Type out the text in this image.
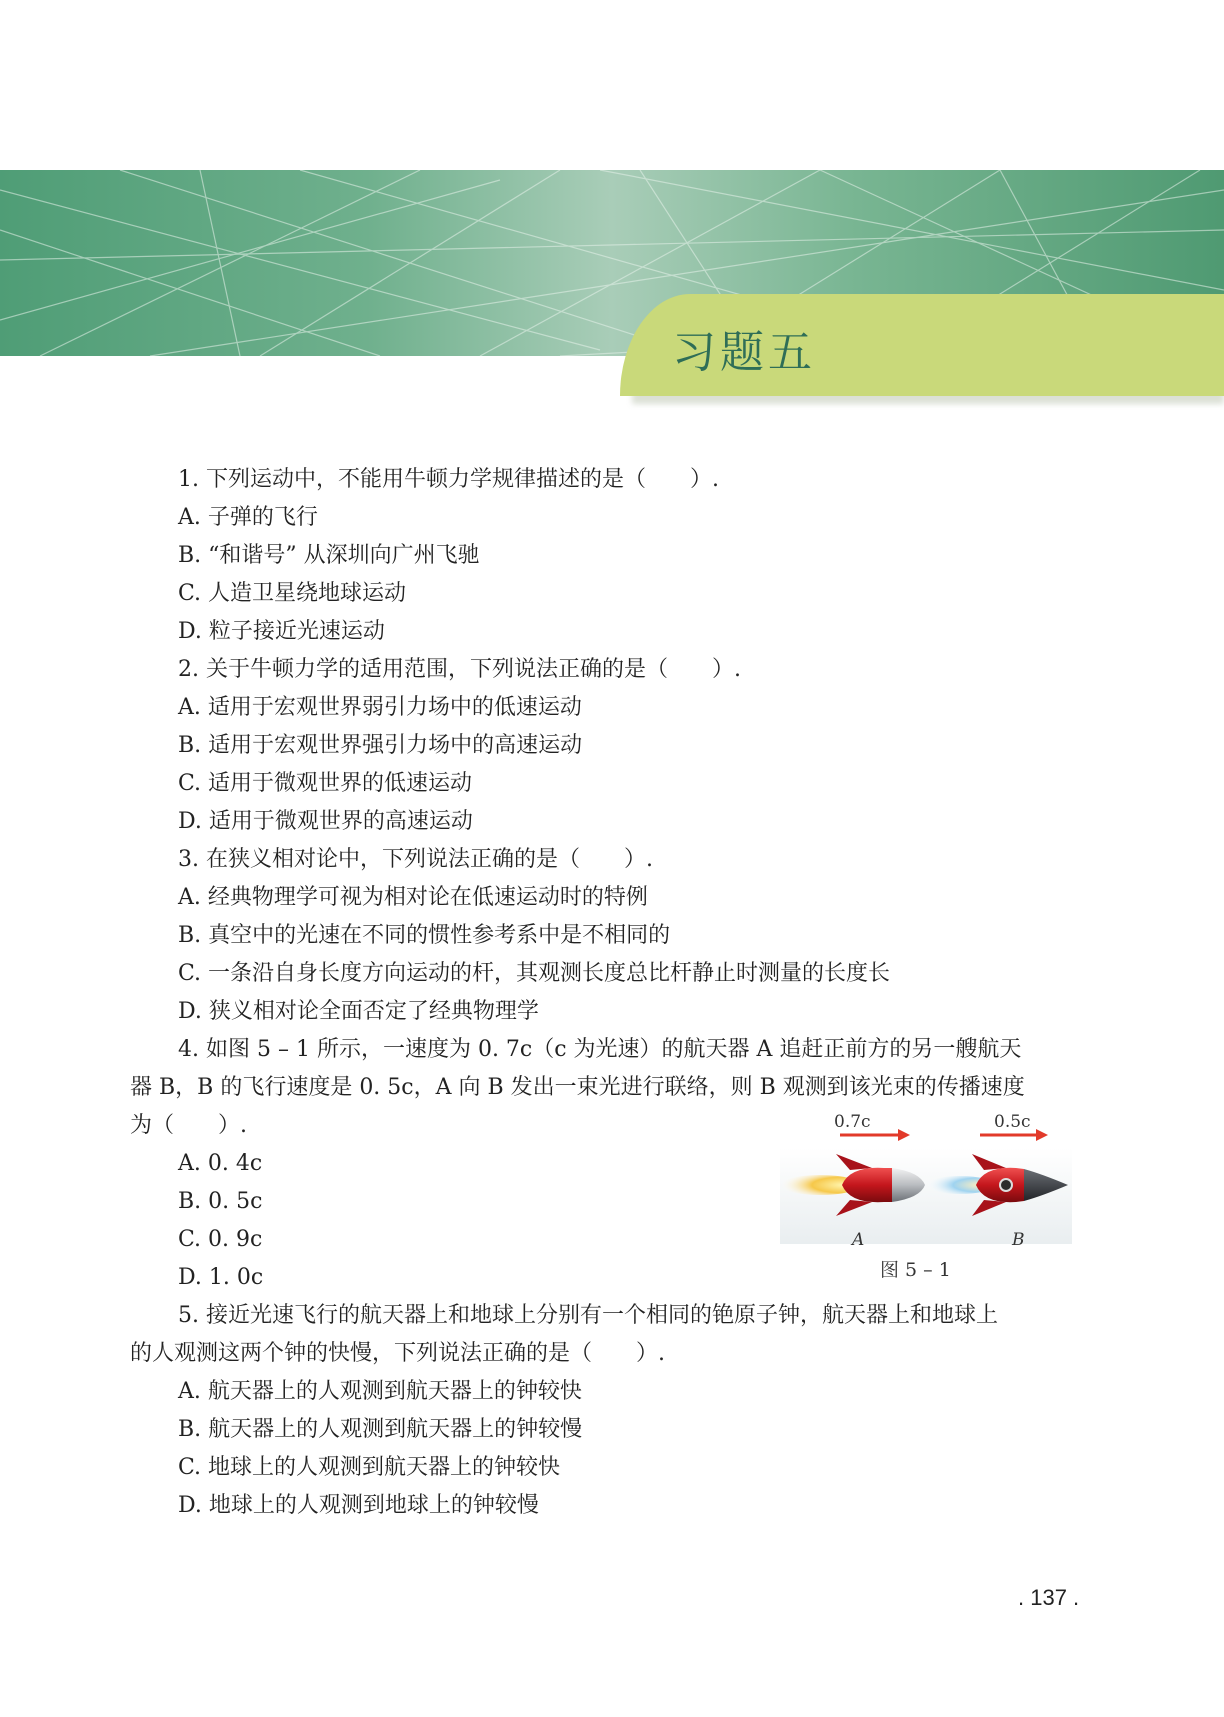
习题五
1. 下列运动中，不能用牛顿力学规律描述的是（　　）.
A. 子弹的飞行
B. “和谐号” 从深圳向广州飞驰
C. 人造卫星绕地球运动
D. 粒子接近光速运动
2. 关于牛顿力学的适用范围，下列说法正确的是（　　）.
A. 适用于宏观世界弱引力场中的低速运动
B. 适用于宏观世界强引力场中的高速运动
C. 适用于微观世界的低速运动
D. 适用于微观世界的高速运动
3. 在狭义相对论中，下列说法正确的是（　　）.
A. 经典物理学可视为相对论在低速运动时的特例
B. 真空中的光速在不同的惯性参考系中是不相同的
C. 一条沿自身长度方向运动的杆，其观测长度总比杆静止时测量的长度长
D. 狭义相对论全面否定了经典物理学
4. 如图 5 – 1 所示，一速度为 0. 7c（c 为光速）的航天器 A 追赶正前方的另一艘航天
器 B，B 的飞行速度是 0. 5c，A 向 B 发出一束光进行联络，则 B 观测到该光束的传播速度
为（　　）.
A. 0. 4c
B. 0. 5c
C. 0. 9c
D. 1. 0c
5. 接近光速飞行的航天器上和地球上分别有一个相同的铯原子钟，航天器上和地球上
的人观测这两个钟的快慢，下列说法正确的是（　　）.
A. 航天器上的人观测到航天器上的钟较快
B. 航天器上的人观测到航天器上的钟较慢
C. 地球上的人观测到航天器上的钟较快
D. 地球上的人观测到地球上的钟较慢
0.7c	0.5c
A	B
图 5 – 1
. 137 .
